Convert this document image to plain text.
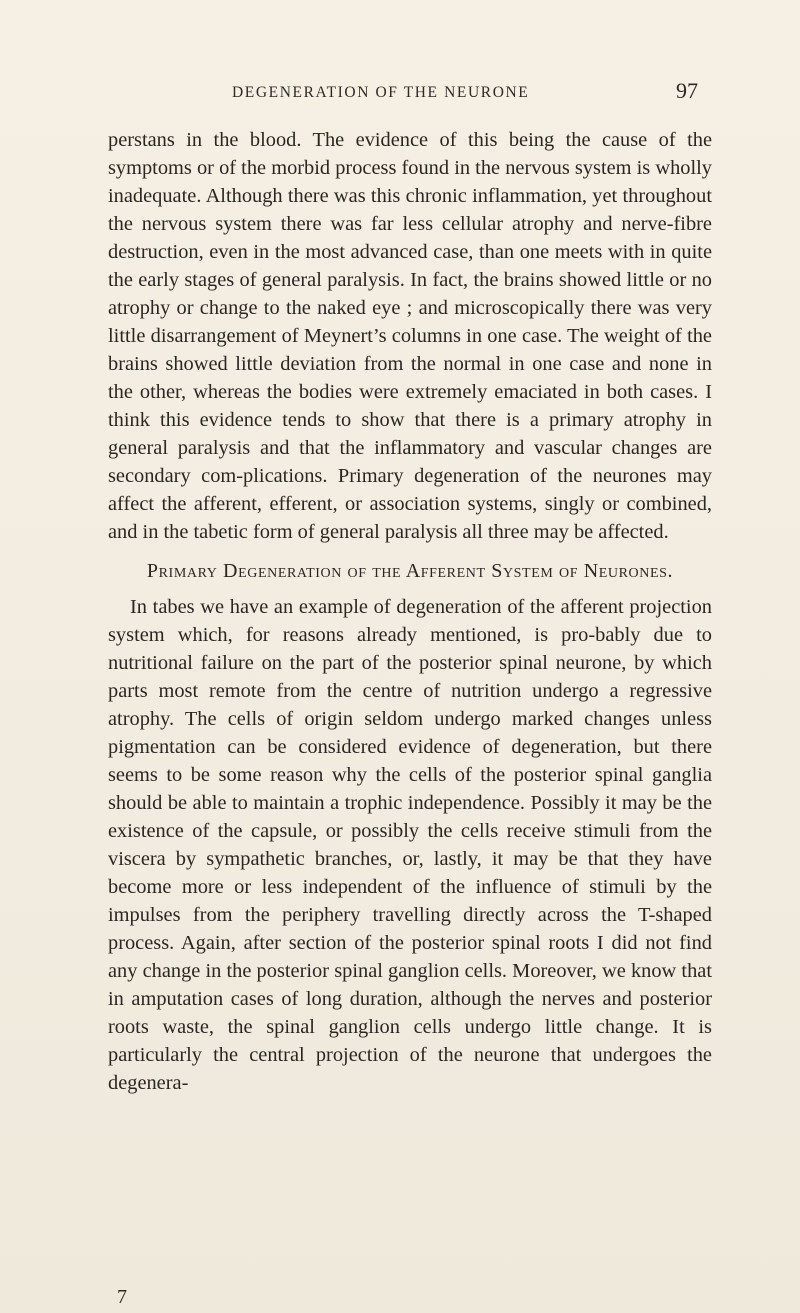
DEGENERATION OF THE NEURONE	97

perstans in the blood. The evidence of this being the cause of the symptoms or of the morbid process found in the nervous system is wholly inadequate. Although there was this chronic inflammation, yet throughout the nervous system there was far less cellular atrophy and nerve-fibre destruction, even in the most advanced case, than one meets with in quite the early stages of general paralysis. In fact, the brains showed little or no atrophy or change to the naked eye ; and microscopically there was very little disarrangement of Meynert’s columns in one case. The weight of the brains showed little deviation from the normal in one case and none in the other, whereas the bodies were extremely emaciated in both cases. I think this evidence tends to show that there is a primary atrophy in general paralysis and that the inflammatory and vascular changes are secondary com-plications. Primary degeneration of the neurones may affect the afferent, efferent, or association systems, singly or combined, and in the tabetic form of general paralysis all three may be affected.

Primary Degeneration of the Afferent System of Neurones.

In tabes we have an example of degeneration of the afferent projection system which, for reasons already mentioned, is pro-bably due to nutritional failure on the part of the posterior spinal neurone, by which parts most remote from the centre of nutrition undergo a regressive atrophy. The cells of origin seldom undergo marked changes unless pigmentation can be considered evidence of degeneration, but there seems to be some reason why the cells of the posterior spinal ganglia should be able to maintain a trophic independence. Possibly it may be the existence of the capsule, or possibly the cells receive stimuli from the viscera by sympathetic branches, or, lastly, it may be that they have become more or less independent of the influence of stimuli by the impulses from the periphery travelling directly across the T-shaped process. Again, after section of the posterior spinal roots I did not find any change in the posterior spinal ganglion cells. Moreover, we know that in amputation cases of long duration, although the nerves and posterior roots waste, the spinal ganglion cells undergo little change. It is particularly the central projection of the neurone that undergoes the degenera-

7
